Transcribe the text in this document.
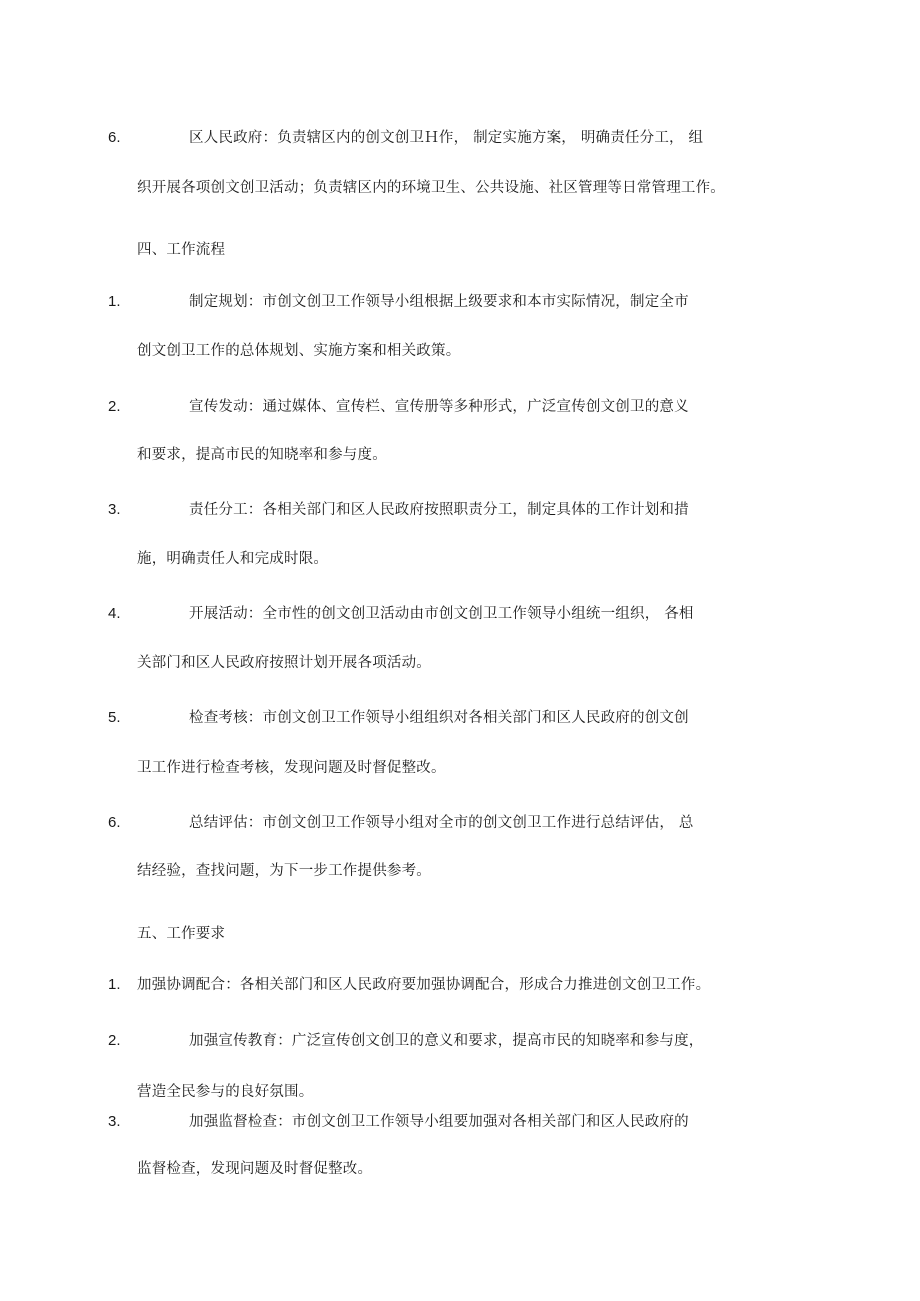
6.	区人民政府：负责辖区内的创文创卫Ｈ作， 制定实施方案， 明确责任分工， 组
织开展各项创文创卫活动；负责辖区内的环境卫生、公共设施、社区管理等日常管理工作。
四、工作流程
1.	制定规划：市创文创卫工作领导小组根据上级要求和本市实际情况，制定全市
创文创卫工作的总体规划、实施方案和相关政策。
2.	宣传发动：通过媒体、宣传栏、宣传册等多种形式，广泛宣传创文创卫的意义
和要求，提高市民的知晓率和参与度。
3.	责任分工：各相关部门和区人民政府按照职责分工，制定具体的工作计划和措
施，明确责任人和完成时限。
4.	开展活动：全市性的创文创卫活动由市创文创卫工作领导小组统一组织， 各相
关部门和区人民政府按照计划开展各项活动。
5.	检查考核：市创文创卫工作领导小组组织对各相关部门和区人民政府的创文创
卫工作进行检查考核，发现问题及时督促整改。
6.	总结评估：市创文创卫工作领导小组对全市的创文创卫工作进行总结评估， 总
结经验，查找问题，为下一步工作提供参考。
五、工作要求
1. 加强协调配合：各相关部门和区人民政府要加强协调配合，形成合力推进创文创卫工作。
2.	加强宣传教育：广泛宣传创文创卫的意义和要求，提高市民的知晓率和参与度，
营造全民参与的良好氛围。
3.	加强监督检查：市创文创卫工作领导小组要加强对各相关部门和区人民政府的
监督检查，发现问题及时督促整改。
